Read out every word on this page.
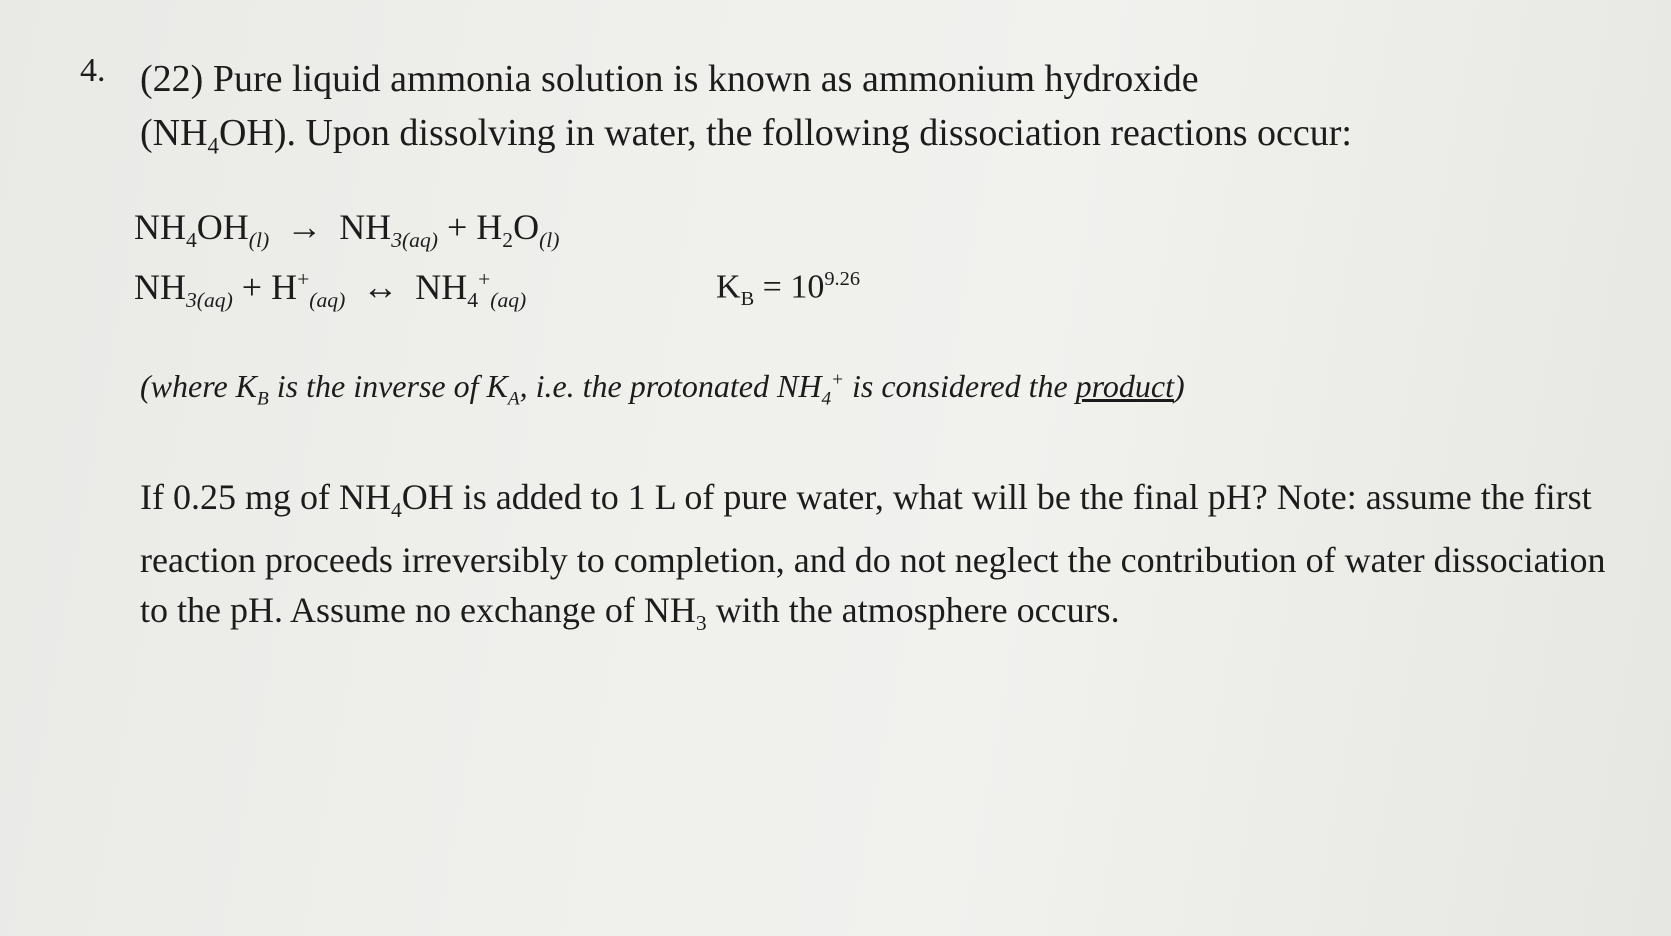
4. (22) Pure liquid ammonia solution is known as ammonium hydroxide
$(NH_4OH)$. Upon dissolving in water, the following dissociation reactions occur:
$NH_4OH_{(l)} \to NH_{3(aq)} + H_2O_{(l)}$
$NH_{3(aq)} + H^+_{(aq)}$ ↔ $NH_4^+_{(aq)}$	$K_B = 10^{9.26}$
(where $K_B$ is the inverse of $K_A$, i.e. the protonated $NH_4^+$ is considered the product)
If 0.25 mg of $NH_4OH$ is added to 1 L of pure water, what will be the final pH? Note: assume the first reaction proceeds irreversibly to completion, and do not neglect the contribution of water dissociation to the pH. Assume no exchange of $NH_3$ with the atmosphere occurs.
